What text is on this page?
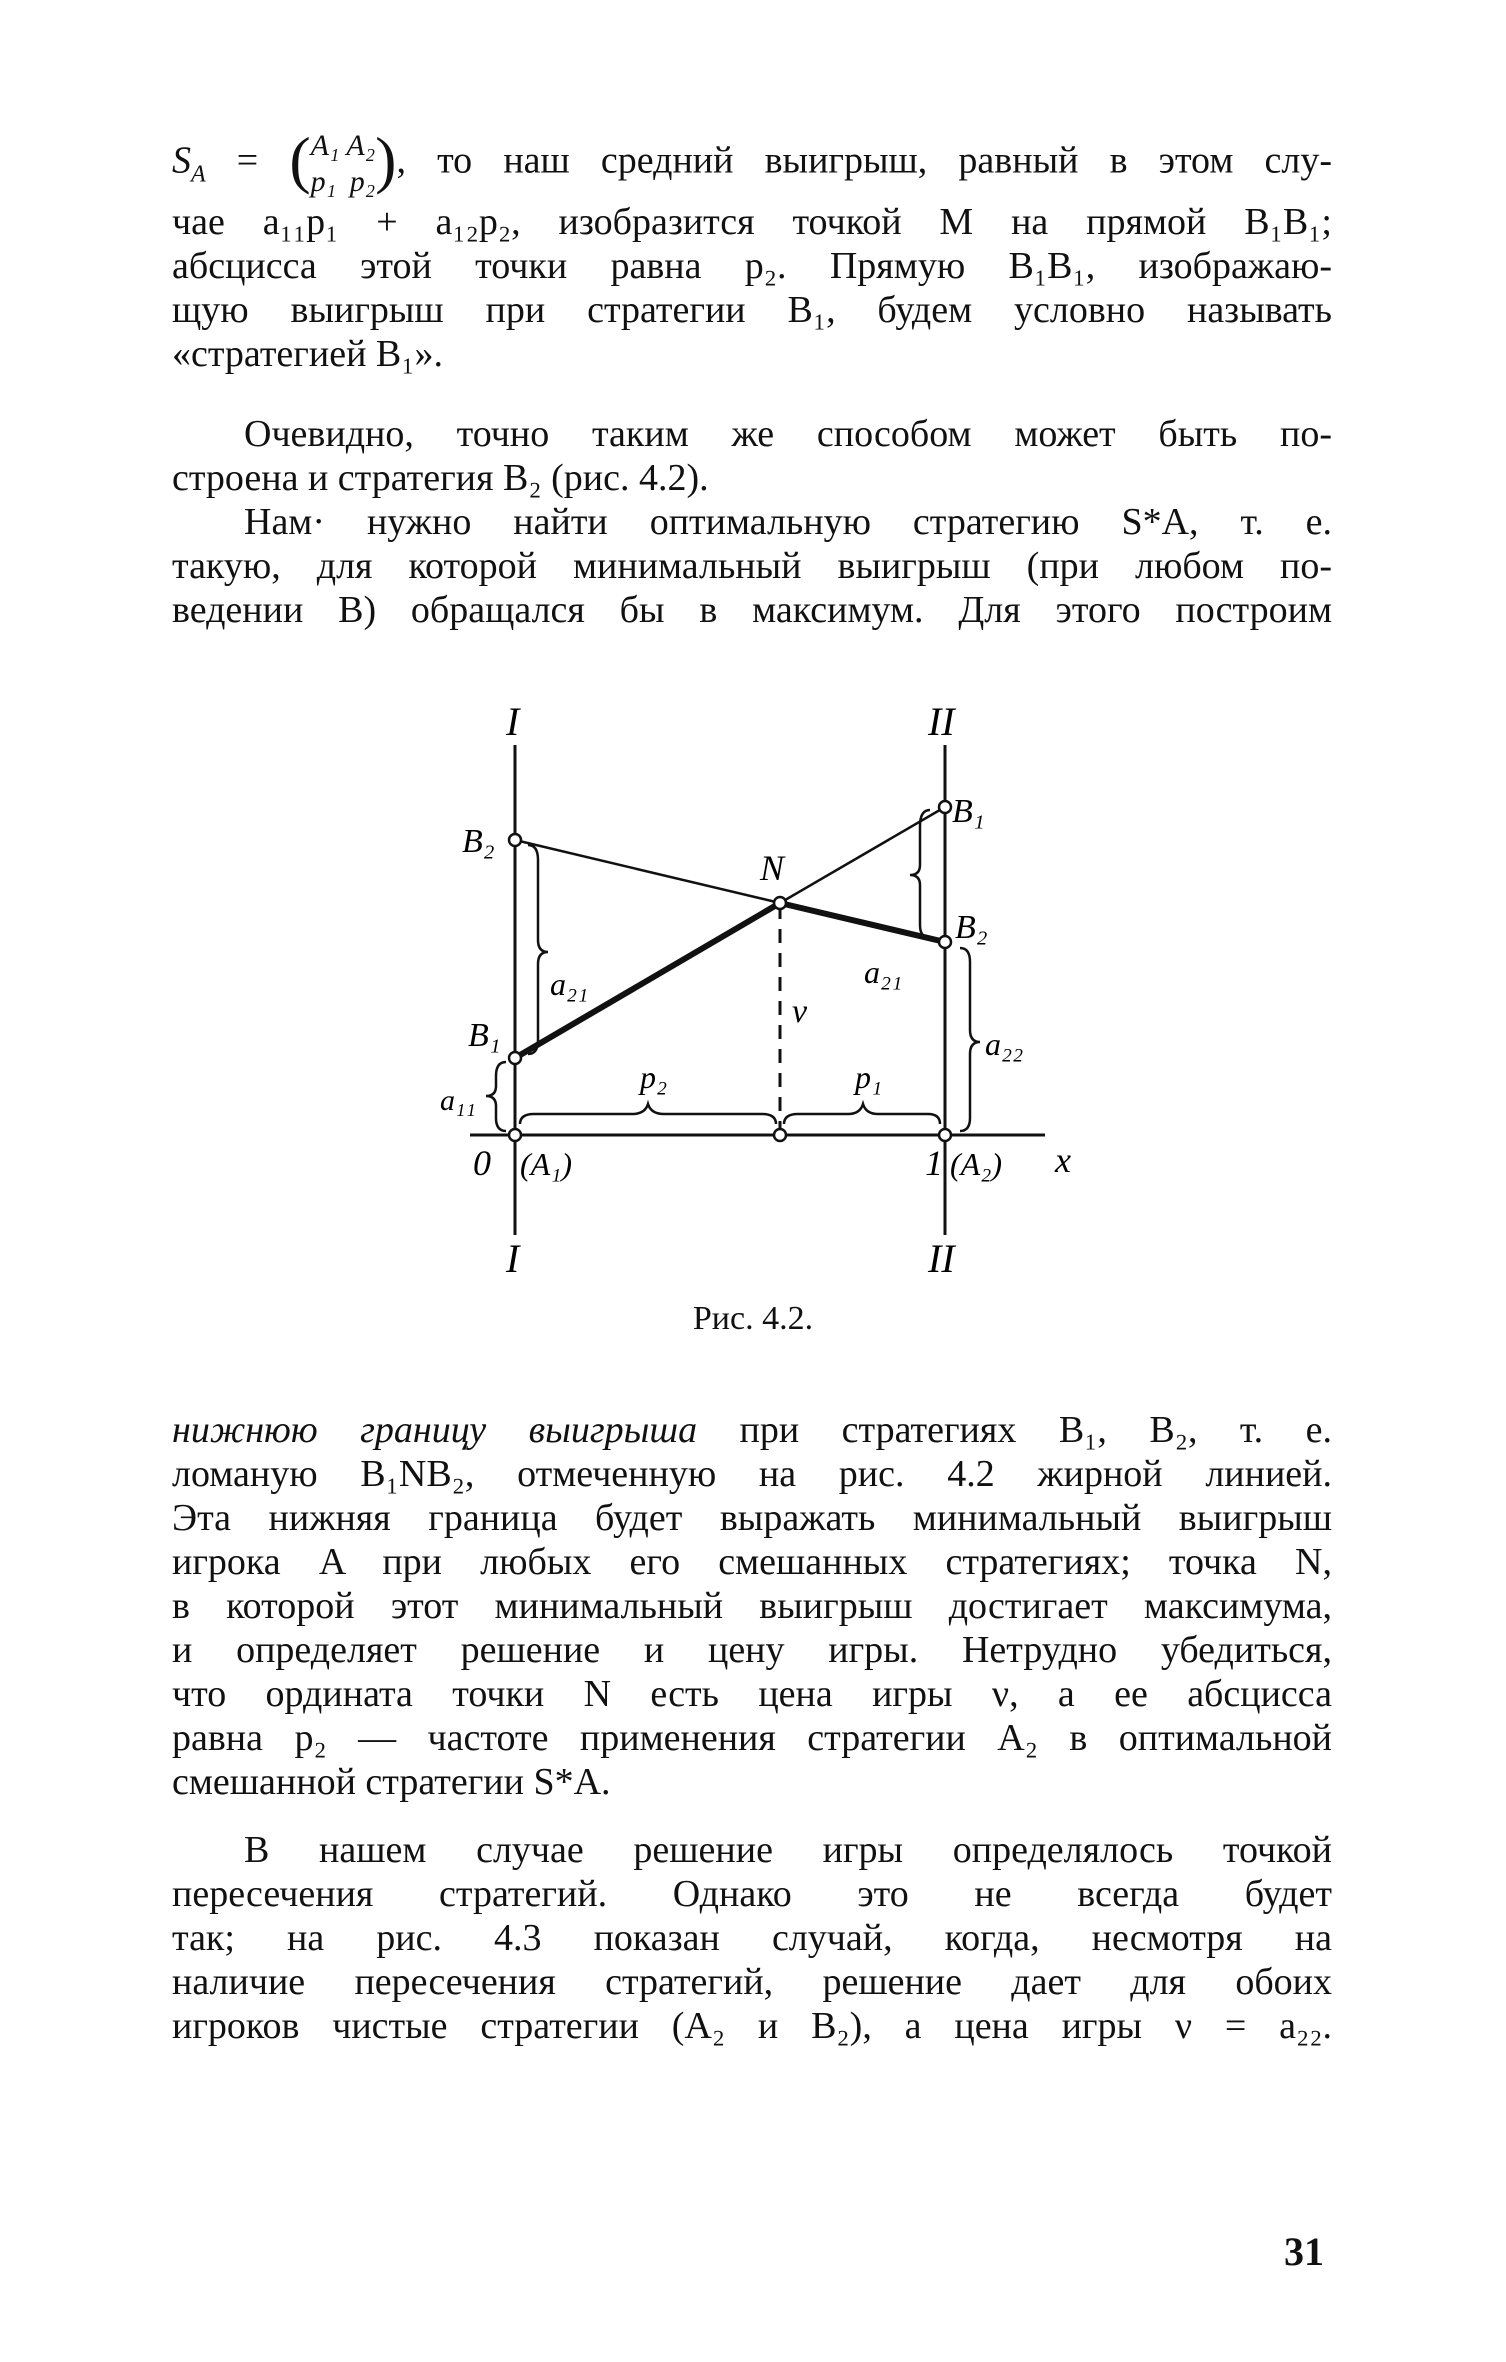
$S_A$ = ( A₁ A₂
p₁ p₂ ), то наш средний выигрыш, равный в этом слу-
чае a₁₁p₁ + a₁₂p₂, изобразится точкой M на прямой B₁B₁;
абсцисса этой точки равна p₂. Прямую B₁B₁, изображаю-
щую выигрыш при стратегии B₁, будем условно называть
«стратегией B₁».
Очевидно, точно таким же способом может быть по-
строена и стратегия B₂ (рис. 4.2).
Нам· нужно найти оптимальную стратегию S*A, т. е.
такую, для которой минимальный выигрыш (при любом по-
ведении B) обращался бы в максимум. Для этого построим
I	II
I	II
B₂
B₁
B₁
B₂
N
a₂₁
a₁₁
a₂₁
a₂₂
ν
p₂	p₁
0 (A₁)	1 (A₂) x
Рис. 4.2.
нижнюю границу выигрыша при стратегиях B₁, B₂, т. е.
ломаную B₁NB₂, отмеченную на рис. 4.2 жирной линией.
Эта нижняя граница будет выражать минимальный выигрыш
игрока A при любых его смешанных стратегиях; точка N,
в которой этот минимальный выигрыш достигает максимума,
и определяет решение и цену игры. Нетрудно убедиться,
что ордината точки N есть цена игры ν, а ее абсцисса
равна p₂ — частоте применения стратегии A₂ в оптимальной
смешанной стратегии S*A.
В нашем случае решение игры определялось точкой
пересечения стратегий. Однако это не всегда будет
так; на рис. 4.3 показан случай, когда, несмотря на
наличие пересечения стратегий, решение дает для обоих
игроков чистые стратегии (A₂ и B₂), а цена игры ν = a₂₂.
31
